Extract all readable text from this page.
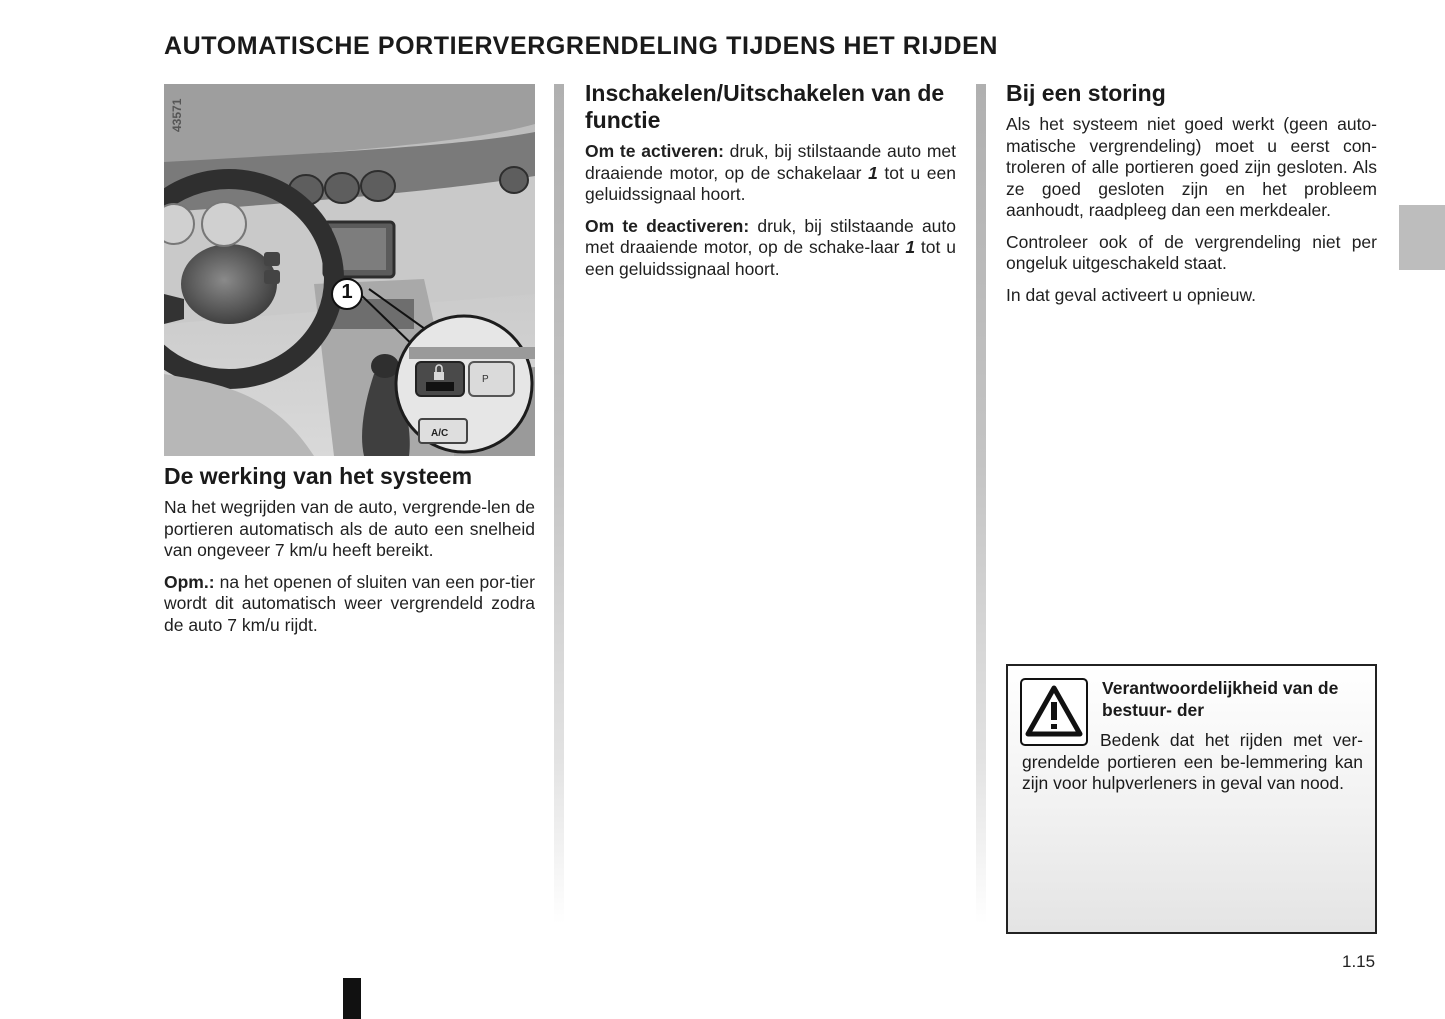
AUTOMATISCHE PORTIERVERGRENDELING TIJDENS HET RIJDEN
P
A/C
1
De werking van het systeem

Na het wegrijden van de auto, vergrende-len de portieren automatisch als de auto een snelheid van ongeveer 7 km/u heeft bereikt.

Opm.: na het openen of sluiten van een por-tier wordt dit automatisch weer vergrendeld zodra de auto 7 km/u rijdt.

43571
Inschakelen/Uitschakelen van de functie

Om te activeren: druk, bij stilstaande auto met draaiende motor, op de schakelaar 1 tot u een geluidssignaal hoort.

Om te deactiveren: druk, bij stilstaande auto met draaiende motor, op de schake-laar 1 tot u een geluidssignaal hoort.

Bij een storing

Als het systeem niet goed werkt (geen auto-matische vergrendeling) moet u eerst con-troleren of alle portieren goed zijn gesloten. Als ze goed gesloten zijn en het probleem aanhoudt, raadpleeg dan een merkdealer.

Controleer ook of de vergrendeling niet per ongeluk uitgeschakeld staat.

In dat geval activeert u opnieuw.

Verantwoordelijkheid van de bestuur- der

Bedenk dat het rijden met ver-grendelde portieren een be-lemmering kan zijn voor hulpverleners in geval van nood.

1.15
